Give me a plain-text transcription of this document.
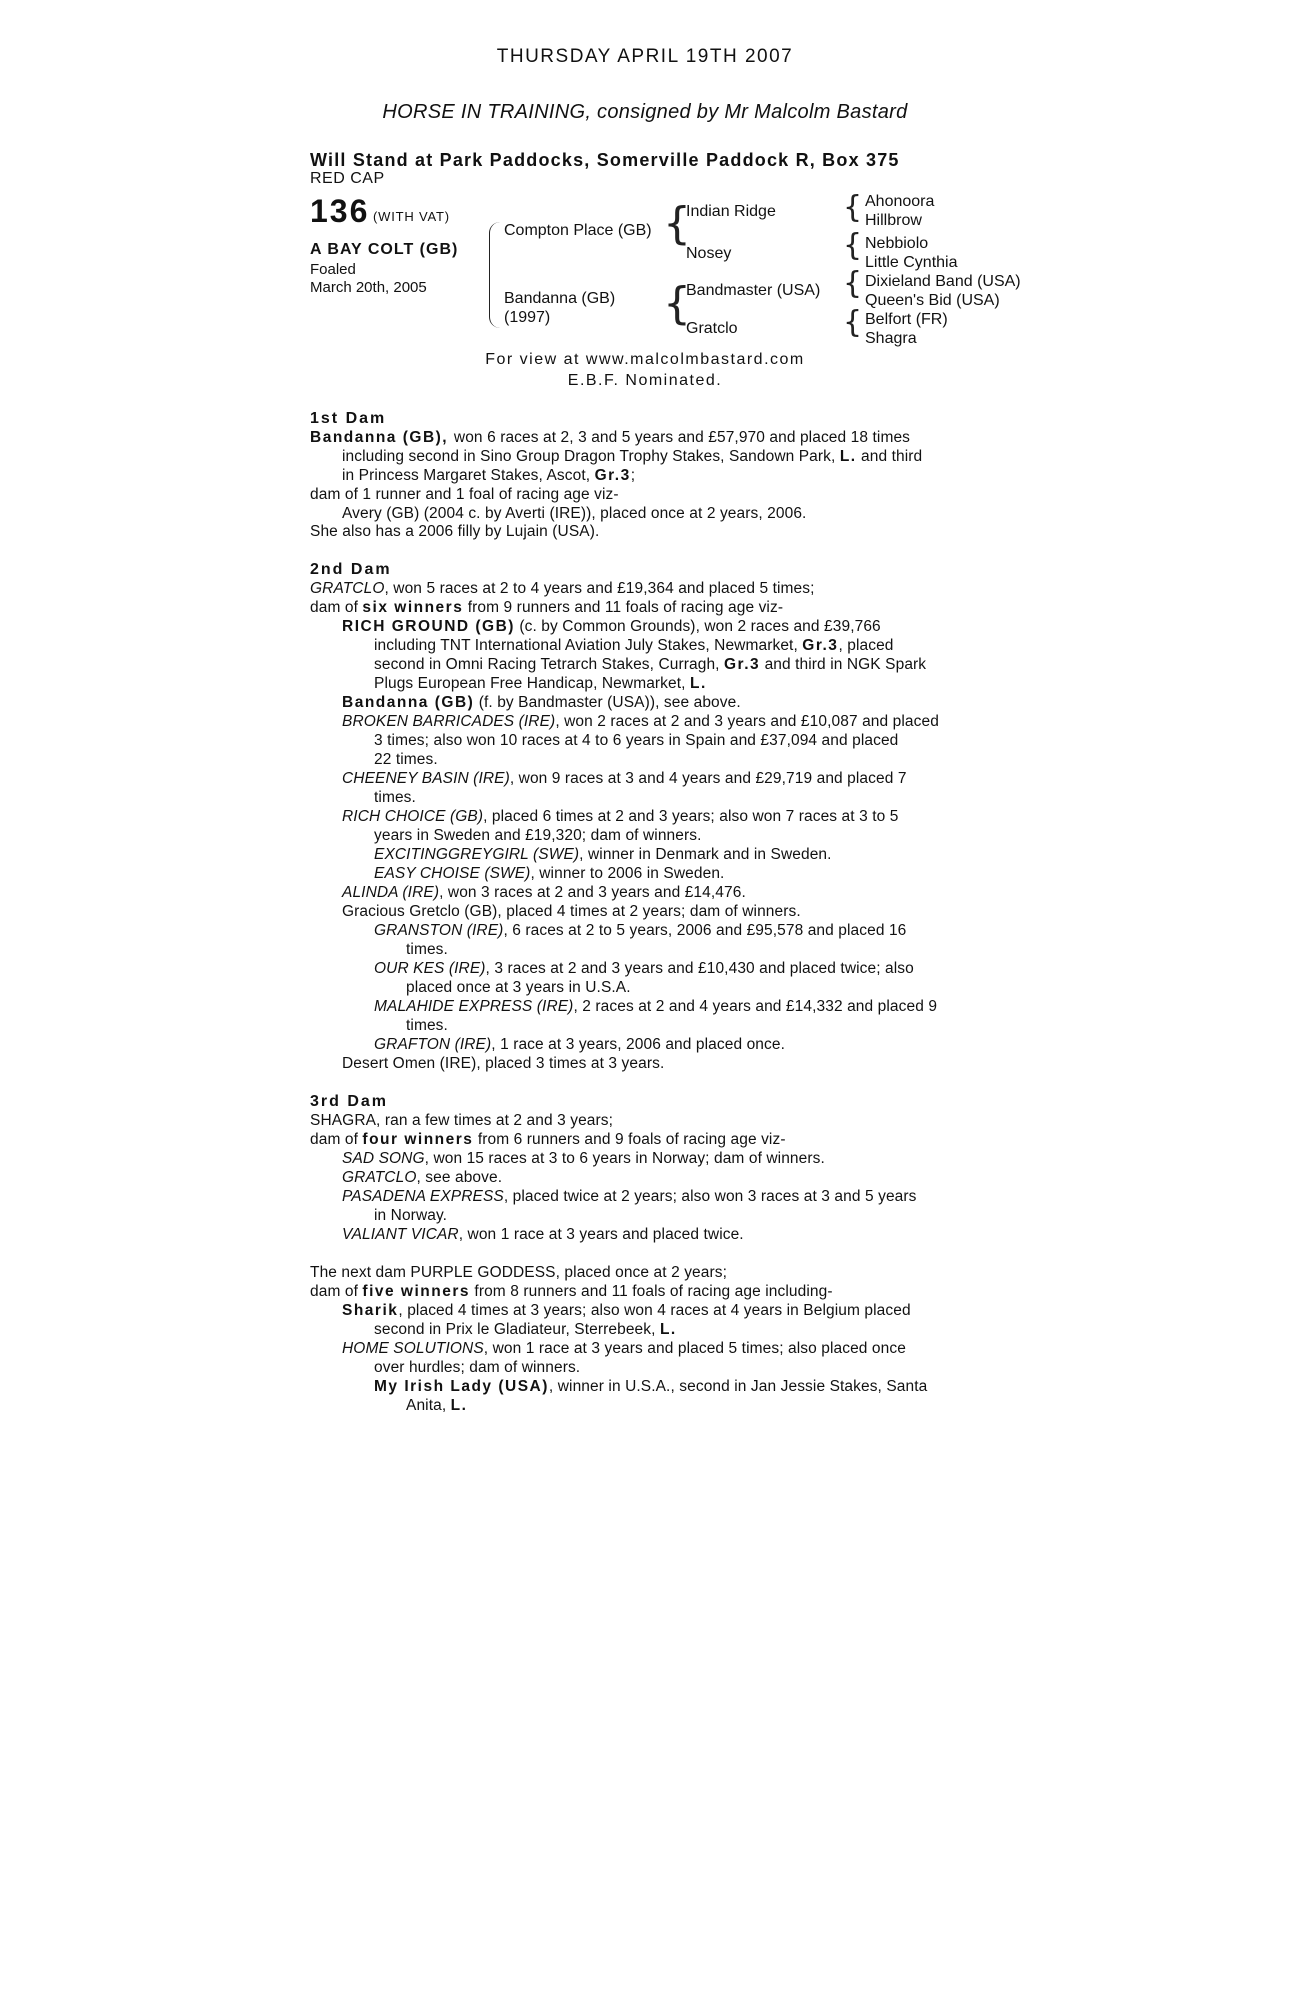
THURSDAY APRIL 19TH 2007
HORSE IN TRAINING, consigned by Mr Malcolm Bastard
Will Stand at Park Paddocks, Somerville Paddock R, Box 375
RED CAP
136 (WITH VAT)
A BAY COLT (GB)
Foaled
March 20th, 2005
Compton Place (GB)
Bandanna (GB)
(1997)
{
{
Indian Ridge
Nosey
Bandmaster (USA)
Gratclo
{
{
{
{
Ahonoora
Hillbrow
Nebbiolo
Little Cynthia
Dixieland Band (USA)
Queen's Bid (USA)
Belfort (FR)
Shagra
For view at www.malcolmbastard.com
E.B.F. Nominated.
1st Dam
Bandanna (GB), won 6 races at 2, 3 and 5 years and £57,970 and placed 18 times
including second in Sino Group Dragon Trophy Stakes, Sandown Park, L. and third
in Princess Margaret Stakes, Ascot, Gr.3;
dam of 1 runner and 1 foal of racing age viz-
Avery (GB) (2004 c. by Averti (IRE)), placed once at 2 years, 2006.
She also has a 2006 filly by Lujain (USA).
2nd Dam
GRATCLO, won 5 races at 2 to 4 years and £19,364 and placed 5 times;
dam of six winners from 9 runners and 11 foals of racing age viz-
RICH GROUND (GB) (c. by Common Grounds), won 2 races and £39,766
including TNT International Aviation July Stakes, Newmarket, Gr.3, placed
second in Omni Racing Tetrarch Stakes, Curragh, Gr.3 and third in NGK Spark
Plugs European Free Handicap, Newmarket, L.
Bandanna (GB) (f. by Bandmaster (USA)), see above.
BROKEN BARRICADES (IRE), won 2 races at 2 and 3 years and £10,087 and placed
3 times; also won 10 races at 4 to 6 years in Spain and £37,094 and placed
22 times.
CHEENEY BASIN (IRE), won 9 races at 3 and 4 years and £29,719 and placed 7
times.
RICH CHOICE (GB), placed 6 times at 2 and 3 years; also won 7 races at 3 to 5
years in Sweden and £19,320; dam of winners.
EXCITINGGREYGIRL (SWE), winner in Denmark and in Sweden.
EASY CHOISE (SWE), winner to 2006 in Sweden.
ALINDA (IRE), won 3 races at 2 and 3 years and £14,476.
Gracious Gretclo (GB), placed 4 times at 2 years; dam of winners.
GRANSTON (IRE), 6 races at 2 to 5 years, 2006 and £95,578 and placed 16
times.
OUR KES (IRE), 3 races at 2 and 3 years and £10,430 and placed twice; also
placed once at 3 years in U.S.A.
MALAHIDE EXPRESS (IRE), 2 races at 2 and 4 years and £14,332 and placed 9
times.
GRAFTON (IRE), 1 race at 3 years, 2006 and placed once.
Desert Omen (IRE), placed 3 times at 3 years.
3rd Dam
SHAGRA, ran a few times at 2 and 3 years;
dam of four winners from 6 runners and 9 foals of racing age viz-
SAD SONG, won 15 races at 3 to 6 years in Norway; dam of winners.
GRATCLO, see above.
PASADENA EXPRESS, placed twice at 2 years; also won 3 races at 3 and 5 years
in Norway.
VALIANT VICAR, won 1 race at 3 years and placed twice.
The next dam PURPLE GODDESS, placed once at 2 years;
dam of five winners from 8 runners and 11 foals of racing age including-
Sharik, placed 4 times at 3 years; also won 4 races at 4 years in Belgium placed
second in Prix le Gladiateur, Sterrebeek, L.
HOME SOLUTIONS, won 1 race at 3 years and placed 5 times; also placed once
over hurdles; dam of winners.
My Irish Lady (USA), winner in U.S.A., second in Jan Jessie Stakes, Santa
Anita, L.
